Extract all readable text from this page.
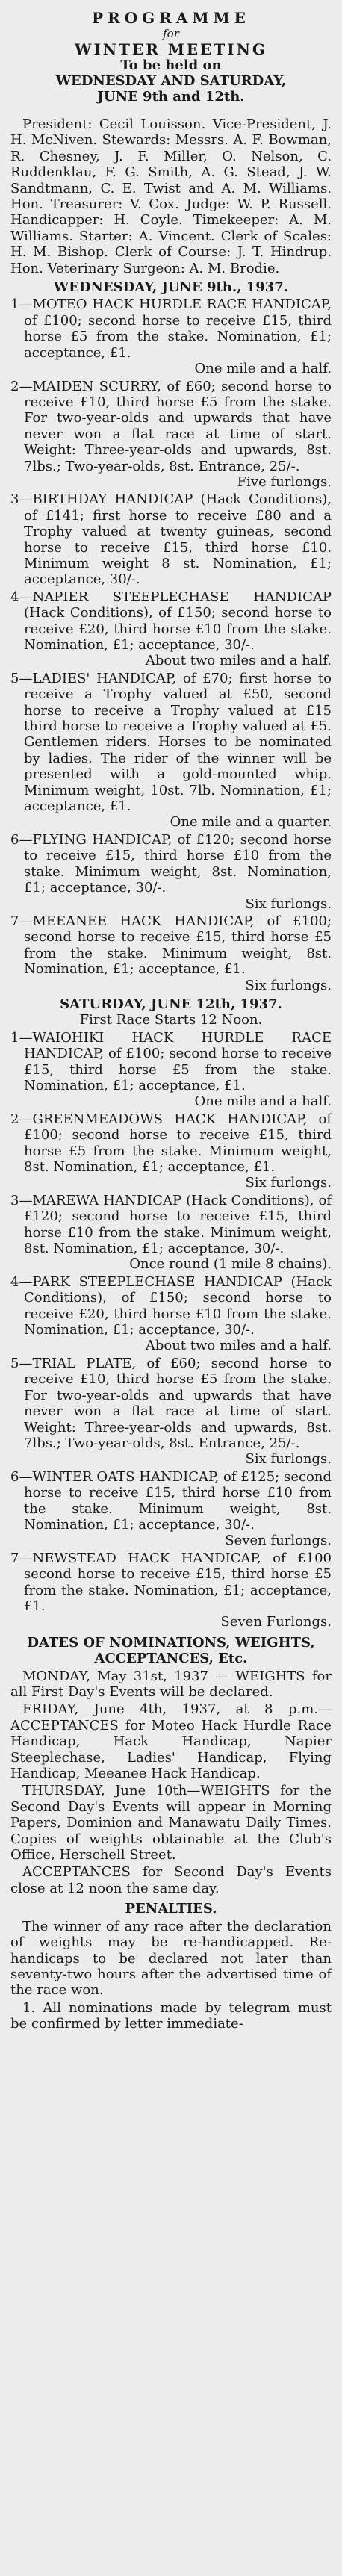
PROGRAMME
for
WINTER MEETING
To be held on
WEDNESDAY AND SATURDAY,
JUNE 9th and 12th.

President: Cecil Louisson. Vice-President, J. H. McNiven. Stewards: Messrs. A. F. Bowman, R. Chesney, J. F. Miller, O. Nelson, C. Ruddenklau, F. G. Smith, A. G. Stead, J. W. Sandtmann, C. E. Twist and A. M. Williams. Hon. Treasurer: V. Cox. Judge: W. P. Russell. Handicapper: H. Coyle. Timekeeper: A. M. Williams. Starter: A. Vincent. Clerk of Scales: H. M. Bishop. Clerk of Course: J. T. Hindrup. Hon. Veterinary Surgeon: A. M. Brodie.

WEDNESDAY, JUNE 9th., 1937.

1—MOTEO HACK HURDLE RACE HANDICAP, of £100; second horse to receive £15, third horse £5 from the stake. Nomination, £1; acceptance, £1.

One mile and a half.

2—MAIDEN SCURRY, of £60; second horse to receive £10, third horse £5 from the stake. For two-year-olds and upwards that have never won a flat race at time of start. Weight: Three-year-olds and upwards, 8st. 7lbs.; Two-year-olds, 8st. Entrance, 25/-.

Five furlongs.

3—BIRTHDAY HANDICAP (Hack Conditions), of £141; first horse to receive £80 and a Trophy valued at twenty guineas, second horse to receive £15, third horse £10. Minimum weight 8 st. Nomination, £1; acceptance, 30/-.

4—NAPIER STEEPLECHASE HANDICAP (Hack Conditions), of £150; second horse to receive £20, third horse £10 from the stake. Nomination, £1; acceptance, 30/-.

About two miles and a half.

5—LADIES' HANDICAP, of £70; first horse to receive a Trophy valued at £50, second horse to receive a Trophy valued at £15 third horse to receive a Trophy valued at £5. Gentlemen riders. Horses to be nominated by ladies. The rider of the winner will be presented with a gold-mounted whip. Minimum weight, 10st. 7lb. Nomination, £1; acceptance, £1.

One mile and a quarter.

6—FLYING HANDICAP, of £120; second horse to receive £15, third horse £10 from the stake. Minimum weight, 8st. Nomination, £1; acceptance, 30/-.

Six furlongs.

7—MEEANEE HACK HANDICAP, of £100; second horse to receive £15, third horse £5 from the stake. Minimum weight, 8st. Nomination, £1; acceptance, £1.

Six furlongs.

SATURDAY, JUNE 12th, 1937.

First Race Starts 12 Noon.

1—WAIOHIKI HACK HURDLE RACE HANDICAP, of £100; second horse to receive £15, third horse £5 from the stake. Nomination, £1; acceptance, £1.

One mile and a half.

2—GREENMEADOWS HACK HANDICAP, of £100; second horse to receive £15, third horse £5 from the stake. Minimum weight, 8st. Nomination, £1; acceptance, £1.

Six furlongs.

3—MAREWA HANDICAP (Hack Conditions), of £120; second horse to receive £15, third horse £10 from the stake. Minimum weight, 8st. Nomination, £1; acceptance, 30/-.

Once round (1 mile 8 chains).

4—PARK STEEPLECHASE HANDICAP (Hack Conditions), of £150; second horse to receive £20, third horse £10 from the stake. Nomination, £1; acceptance, 30/-.

About two miles and a half.

5—TRIAL PLATE, of £60; second horse to receive £10, third horse £5 from the stake. For two-year-olds and upwards that have never won a flat race at time of start. Weight: Three-year-olds and upwards, 8st. 7lbs.; Two-year-olds, 8st. Entrance, 25/-.

Six furlongs.

6—WINTER OATS HANDICAP, of £125; second horse to receive £15, third horse £10 from the stake. Minimum weight, 8st. Nomination, £1; acceptance, 30/-.

Seven furlongs.

7—NEWSTEAD HACK HANDICAP, of £100 second horse to receive £15, third horse £5 from the stake. Nomination, £1; acceptance, £1.

Seven Furlongs.

DATES OF NOMINATIONS, WEIGHTS, ACCEPTANCES, Etc.

MONDAY, May 31st, 1937 — WEIGHTS for all First Day's Events will be declared.

FRIDAY, June 4th, 1937, at 8 p.m.— ACCEPTANCES for Moteo Hack Hurdle Race Handicap, Hack Handicap, Napier Steeplechase, Ladies' Handicap, Flying Handicap, Meeanee Hack Handicap.

THURSDAY, June 10th—WEIGHTS for the Second Day's Events will appear in Morning Papers, Dominion and Manawatu Daily Times. Copies of weights obtainable at the Club's Office, Herschell Street.

ACCEPTANCES for Second Day's Events close at 12 noon the same day.

PENALTIES.

The winner of any race after the declaration of weights may be re-handicapped. Re-handicaps to be declared not later than seventy-two hours after the advertised time of the race won.

1. All nominations made by telegram must be confirmed by letter immediate-
